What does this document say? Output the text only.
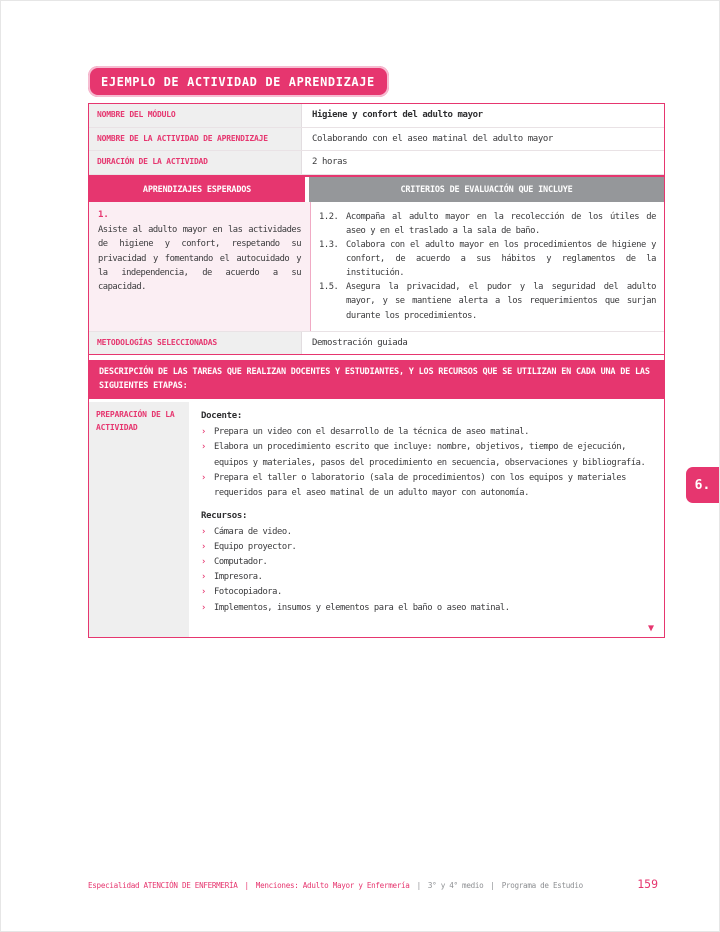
EJEMPLO DE ACTIVIDAD DE APRENDIZAJE
NOMBRE DEL MÓDULO	Higiene y confort del adulto mayor
NOMBRE DE LA ACTIVIDAD DE APRENDIZAJE	Colaborando con el aseo matinal del adulto mayor
DURACIÓN DE LA ACTIVIDAD	2 horas
APRENDIZAJES ESPERADOS	CRITERIOS DE EVALUACIÓN QUE INCLUYE
1.
Asiste al adulto mayor en las actividades de higiene y confort, respetando su privacidad y fomentando el autocuidado y la independencia, de acuerdo a su capacidad.
1.2. Acompaña al adulto mayor en la recolección de los útiles de aseo y en el traslado a la sala de baño.
1.3. Colabora con el adulto mayor en los procedimientos de higiene y confort, de acuerdo a sus hábitos y reglamentos de la institución.
1.5. Asegura la privacidad, el pudor y la seguridad del adulto mayor, y se mantiene alerta a los requerimientos que surjan durante los procedimientos.
METODOLOGÍAS SELECCIONADAS	Demostración guiada
DESCRIPCIÓN DE LAS TAREAS QUE REALIZAN DOCENTES Y ESTUDIANTES, Y LOS RECURSOS QUE SE UTILIZAN EN CADA UNA DE LAS SIGUIENTES ETAPAS:
PREPARACIÓN DE LA ACTIVIDAD
Docente:
› Prepara un video con el desarrollo de la técnica de aseo matinal.
› Elabora un procedimiento escrito que incluye: nombre, objetivos, tiempo de ejecución, equipos y materiales, pasos del procedimiento en secuencia, observaciones y bibliografía.
› Prepara el taller o laboratorio (sala de procedimientos) con los equipos y materiales requeridos para el aseo matinal de un adulto mayor con autonomía.
Recursos:
› Cámara de video.
› Equipo proyector.
› Computador.
› Impresora.
› Fotocopiadora.
› Implementos, insumos y elementos para el baño o aseo matinal.
▼
6.
Especialidad ATENCIÓN DE ENFERMERÍA | Menciones: Adulto Mayor y Enfermería | 3° y 4° medio | Programa de Estudio	159
